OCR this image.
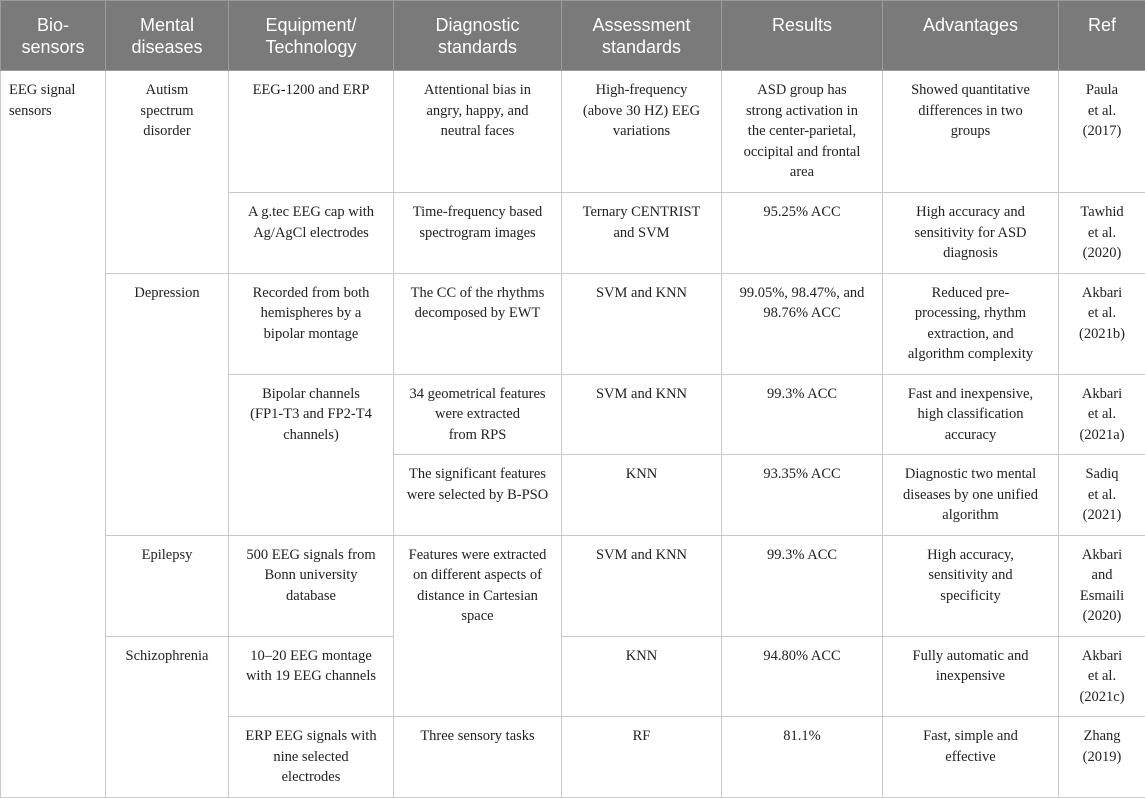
Bio-
sensors	Mental
diseases	Equipment/
Technology	Diagnostic
standards	Assessment
standards	Results	Advantages	Ref
EEG signal
sensors	Autism
spectrum
disorder	EEG-1200 and ERP	Attentional bias in
angry, happy, and
neutral faces	High-frequency
(above 30 HZ) EEG
variations	ASD group has
strong activation in
the center-parietal,
occipital and frontal
area	Showed quantitative
differences in two
groups	Paula
et al.
(2017)
		A g.tec EEG cap with
Ag/AgCl electrodes	Time-frequency based
spectrogram images	Ternary CENTRIST
and SVM	95.25% ACC	High accuracy and
sensitivity for ASD
diagnosis	Tawhid
et al.
(2020)
	Depression	Recorded from both
hemispheres by a
bipolar montage	The CC of the rhythms
decomposed by EWT	SVM and KNN	99.05%, 98.47%, and
98.76% ACC	Reduced pre-
processing, rhythm
extraction, and
algorithm complexity	Akbari
et al.
(2021b)
		Bipolar channels
(FP1-T3 and FP2-T4
channels)	34 geometrical features
were extracted
from RPS	SVM and KNN	99.3% ACC	Fast and inexpensive,
high classification
accuracy	Akbari
et al.
(2021a)
			The significant features
were selected by B-PSO	KNN	93.35% ACC	Diagnostic two mental
diseases by one unified
algorithm	Sadiq
et al.
(2021)
	Epilepsy	500 EEG signals from
Bonn university
database	Features were extracted
on different aspects of
distance in Cartesian
space	SVM and KNN	99.3% ACC	High accuracy,
sensitivity and
specificity	Akbari
and
Esmaili
(2020)
	Schizophrenia	10–20 EEG montage
with 19 EEG channels		KNN	94.80% ACC	Fully automatic and
inexpensive	Akbari
et al.
(2021c)
		ERP EEG signals with
nine selected
electrodes	Three sensory tasks	RF	81.1%	Fast, simple and
effective	Zhang
(2019)
